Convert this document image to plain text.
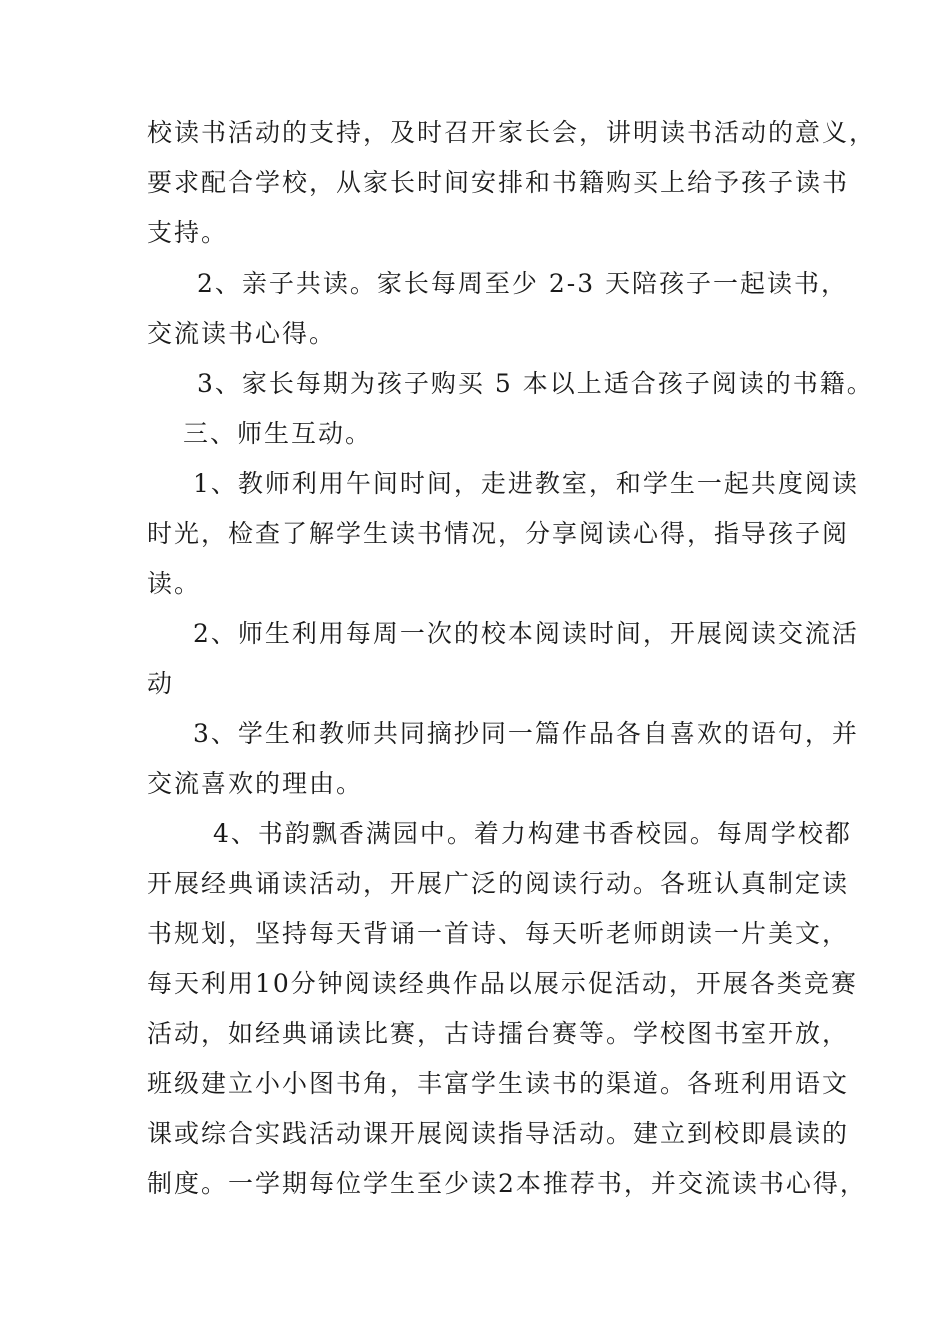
校读书活动的支持，及时召开家长会，讲明读书活动的意义，
要求配合学校，从家长时间安排和书籍购买上给予孩子读书
支持。
2、亲子共读。家长每周至少 2-3 天陪孩子一起读书，
交流读书心得。
3、家长每期为孩子购买 5 本以上适合孩子阅读的书籍。
三、师生互动。
1、教师利用午间时间，走进教室，和学生一起共度阅读
时光，检查了解学生读书情况，分享阅读心得，指导孩子阅
读。
2、师生利用每周一次的校本阅读时间，开展阅读交流活
动
3、学生和教师共同摘抄同一篇作品各自喜欢的语句，并
交流喜欢的理由。
4、书韵飘香满园中。着力构建书香校园。每周学校都
开展经典诵读活动，开展广泛的阅读行动。各班认真制定读
书规划，坚持每天背诵一首诗、每天听老师朗读一片美文，
每天利用10分钟阅读经典作品以展示促活动，开展各类竞赛
活动，如经典诵读比赛，古诗擂台赛等。学校图书室开放，
班级建立小小图书角，丰富学生读书的渠道。各班利用语文
课或综合实践活动课开展阅读指导活动。建立到校即晨读的
制度。一学期每位学生至少读2本推荐书，并交流读书心得，
